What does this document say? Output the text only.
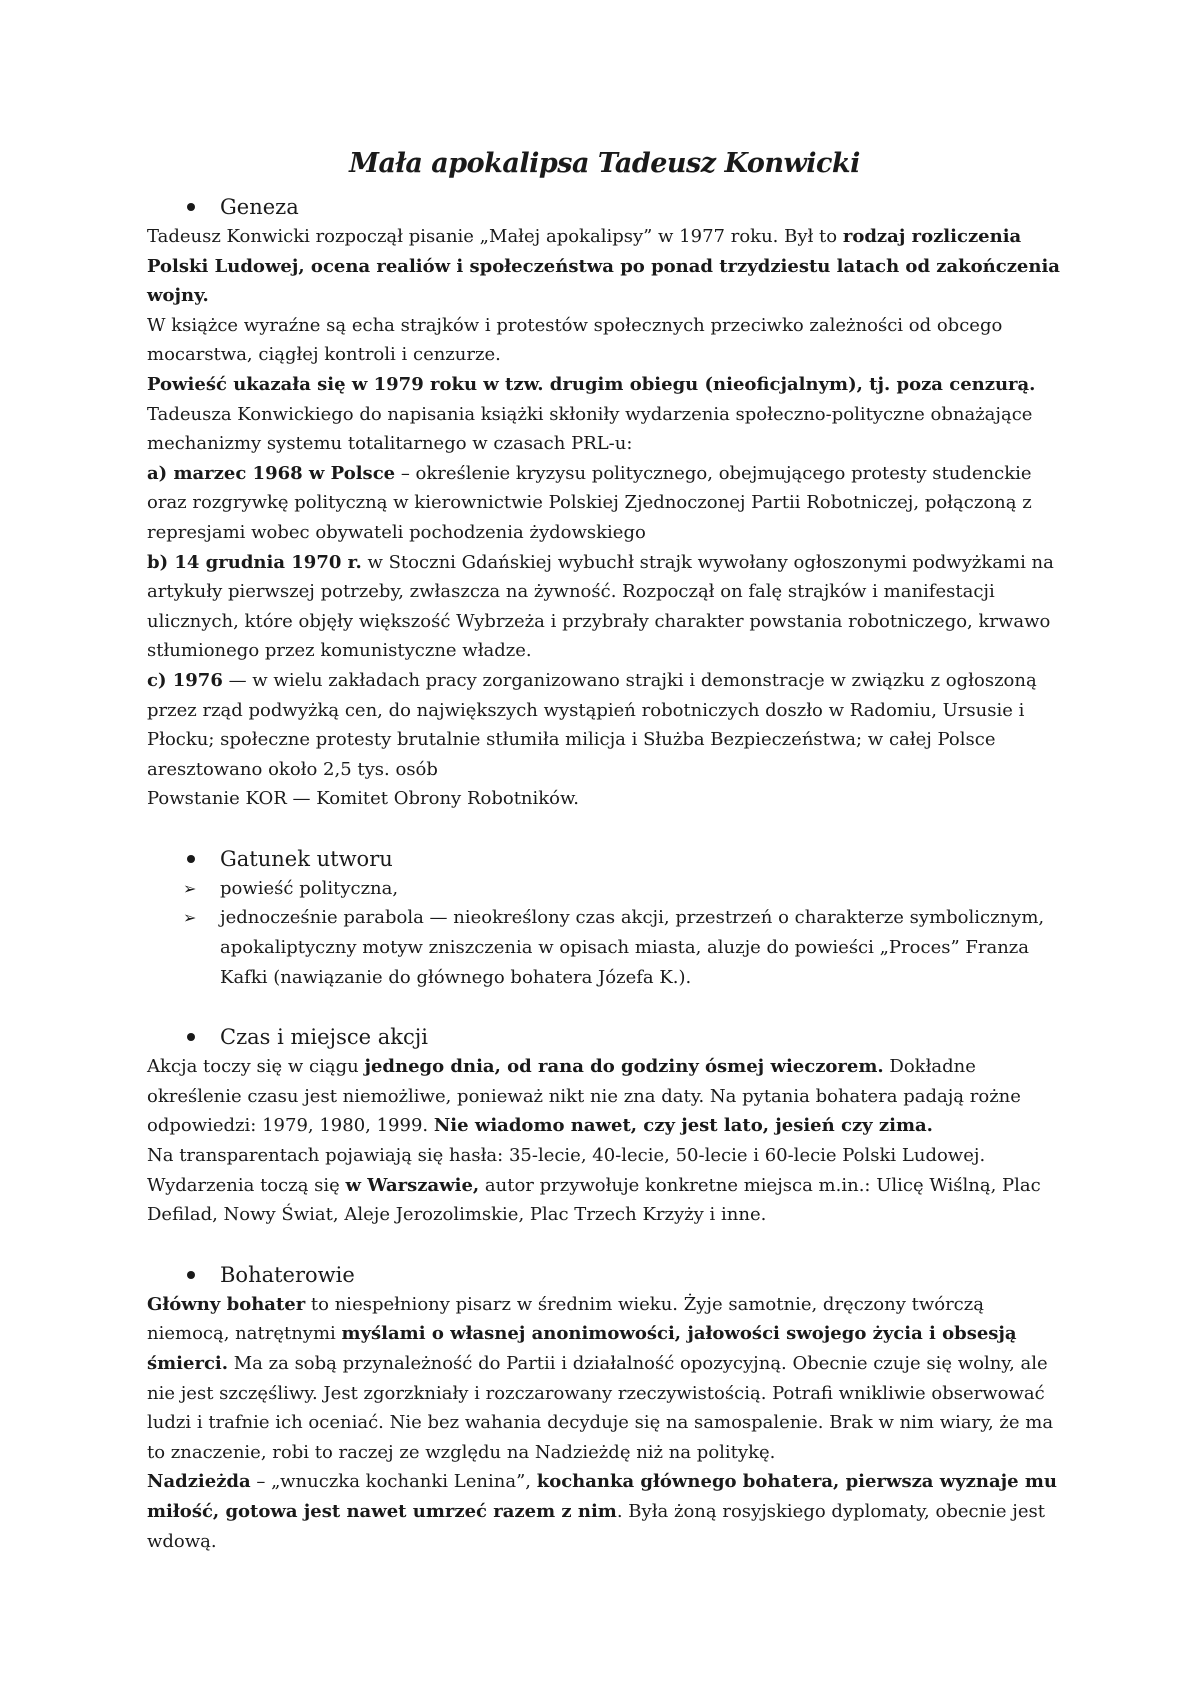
Mała apokalipsa Tadeusz Konwicki
Geneza

Tadeusz Konwicki rozpoczął pisanie „Małej apokalipsy” w 1977 roku. Był to rodzaj rozliczenia Polski Ludowej, ocena realiów i społeczeństwa po ponad trzydziestu latach od zakończenia wojny.

W książce wyraźne są echa strajków i protestów społecznych przeciwko zależności od obcego mocarstwa, ciągłej kontroli i cenzurze.

Powieść ukazała się w 1979 roku w tzw. drugim obiegu (nieoficjalnym), tj. poza cenzurą.

Tadeusza Konwickiego do napisania książki skłoniły wydarzenia społeczno-polityczne obnażające mechanizmy systemu totalitarnego w czasach PRL-u:

a) marzec 1968 w Polsce – określenie kryzysu politycznego, obejmującego protesty studenckie oraz rozgrywkę polityczną w kierownictwie Polskiej Zjednoczonej Partii Robotniczej, połączoną z represjami wobec obywateli pochodzenia żydowskiego

b) 14 grudnia 1970 r. w Stoczni Gdańskiej wybuchł strajk wywołany ogłoszonymi podwyżkami na artykuły pierwszej potrzeby, zwłaszcza na żywność. Rozpoczął on falę strajków i manifestacji ulicznych, które objęły większość Wybrzeża i przybrały charakter powstania robotniczego, krwawo stłumionego przez komunistyczne władze.

c) 1976 — w wielu zakładach pracy zorganizowano strajki i demonstracje w związku z ogłoszoną przez rząd podwyżką cen, do największych wystąpień robotniczych doszło w Radomiu, Ursusie i Płocku; społeczne protesty brutalnie stłumiła milicja i Służba Bezpieczeństwa; w całej Polsce aresztowano około 2,5 tys. osób

Powstanie KOR — Komitet Obrony Robotników.

Gatunek utworu
➢ powieść polityczna,
➢ jednocześnie parabola — nieokreślony czas akcji, przestrzeń o charakterze symbolicznym, apokaliptyczny motyw zniszczenia w opisach miasta, aluzje do powieści „Proces” Franza Kafki (nawiązanie do głównego bohatera Józefa K.).
Czas i miejsce akcji

Akcja toczy się w ciągu jednego dnia, od rana do godziny ósmej wieczorem. Dokładne określenie czasu jest niemożliwe, ponieważ nikt nie zna daty. Na pytania bohatera padają rożne odpowiedzi: 1979, 1980, 1999. Nie wiadomo nawet, czy jest lato, jesień czy zima.

Na transparentach pojawiają się hasła: 35-lecie, 40-lecie, 50-lecie i 60-lecie Polski Ludowej.

Wydarzenia toczą się w Warszawie, autor przywołuje konkretne miejsca m.in.: Ulicę Wiślną, Plac Defilad, Nowy Świat, Aleje Jerozolimskie, Plac Trzech Krzyży i inne.

Bohaterowie

Główny bohater to niespełniony pisarz w średnim wieku. Żyje samotnie, dręczony twórczą niemocą, natrętnymi myślami o własnej anonimowości, jałowości swojego życia i obsesją śmierci. Ma za sobą przynależność do Partii i działalność opozycyjną. Obecnie czuje się wolny, ale nie jest szczęśliwy. Jest zgorzkniały i rozczarowany rzeczywistością. Potrafi wnikliwie obserwować ludzi i trafnie ich oceniać. Nie bez wahania decyduje się na samospalenie. Brak w nim wiary, że ma to znaczenie, robi to raczej ze względu na Nadzieżdę niż na politykę.

Nadzieżda – „wnuczka kochanki Lenina”, kochanka głównego bohatera, pierwsza wyznaje mu miłość, gotowa jest nawet umrzeć razem z nim. Była żoną rosyjskiego dyplomaty, obecnie jest wdową.
